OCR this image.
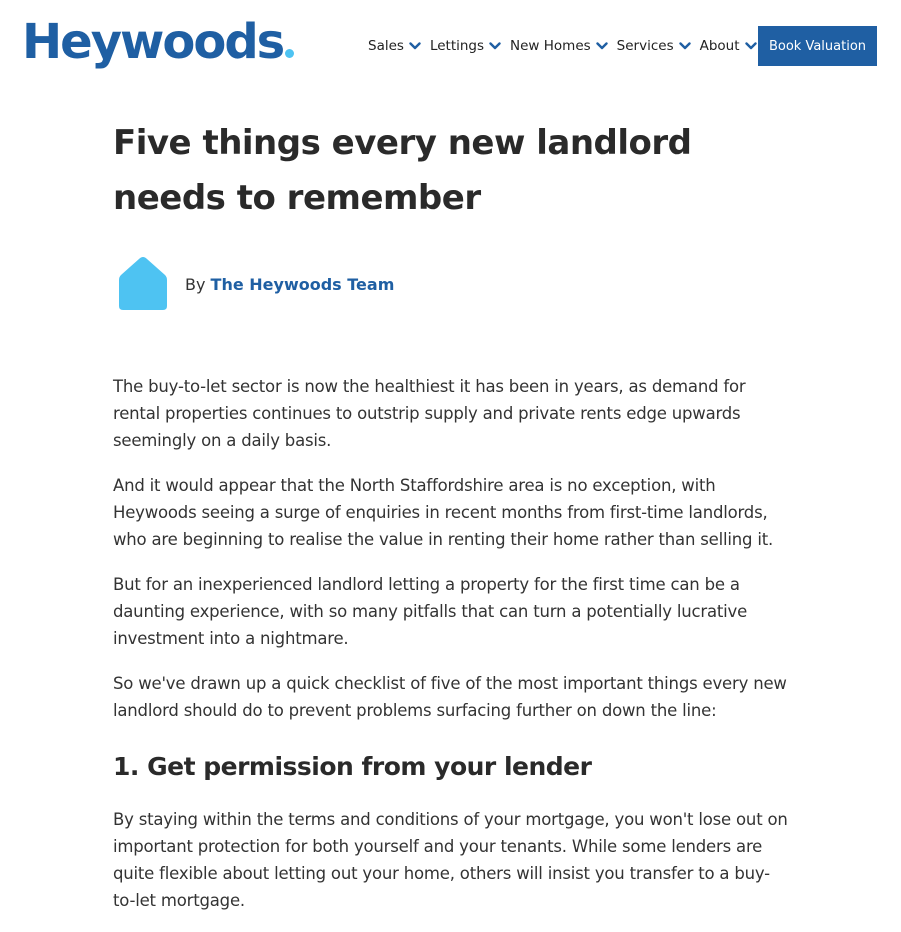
Heywoods	Sales Lettings New Homes Services About	Book Valuation
Five things every new landlord needs to remember
By The Heywoods Team

The buy-to-let sector is now the healthiest it has been in years, as demand for rental properties continues to outstrip supply and private rents edge upwards seemingly on a daily basis.

And it would appear that the North Staffordshire area is no exception, with Heywoods seeing a surge of enquiries in recent months from first-time landlords, who are beginning to realise the value in renting their home rather than selling it.

But for an inexperienced landlord letting a property for the first time can be a daunting experience, with so many pitfalls that can turn a potentially lucrative investment into a nightmare.

So we've drawn up a quick checklist of five of the most important things every new landlord should do to prevent problems surfacing further on down the line:

1. Get permission from your lender

By staying within the terms and conditions of your mortgage, you won't lose out on important protection for both yourself and your tenants. While some lenders are quite flexible about letting out your home, others will insist you transfer to a buy-to-let mortgage.
